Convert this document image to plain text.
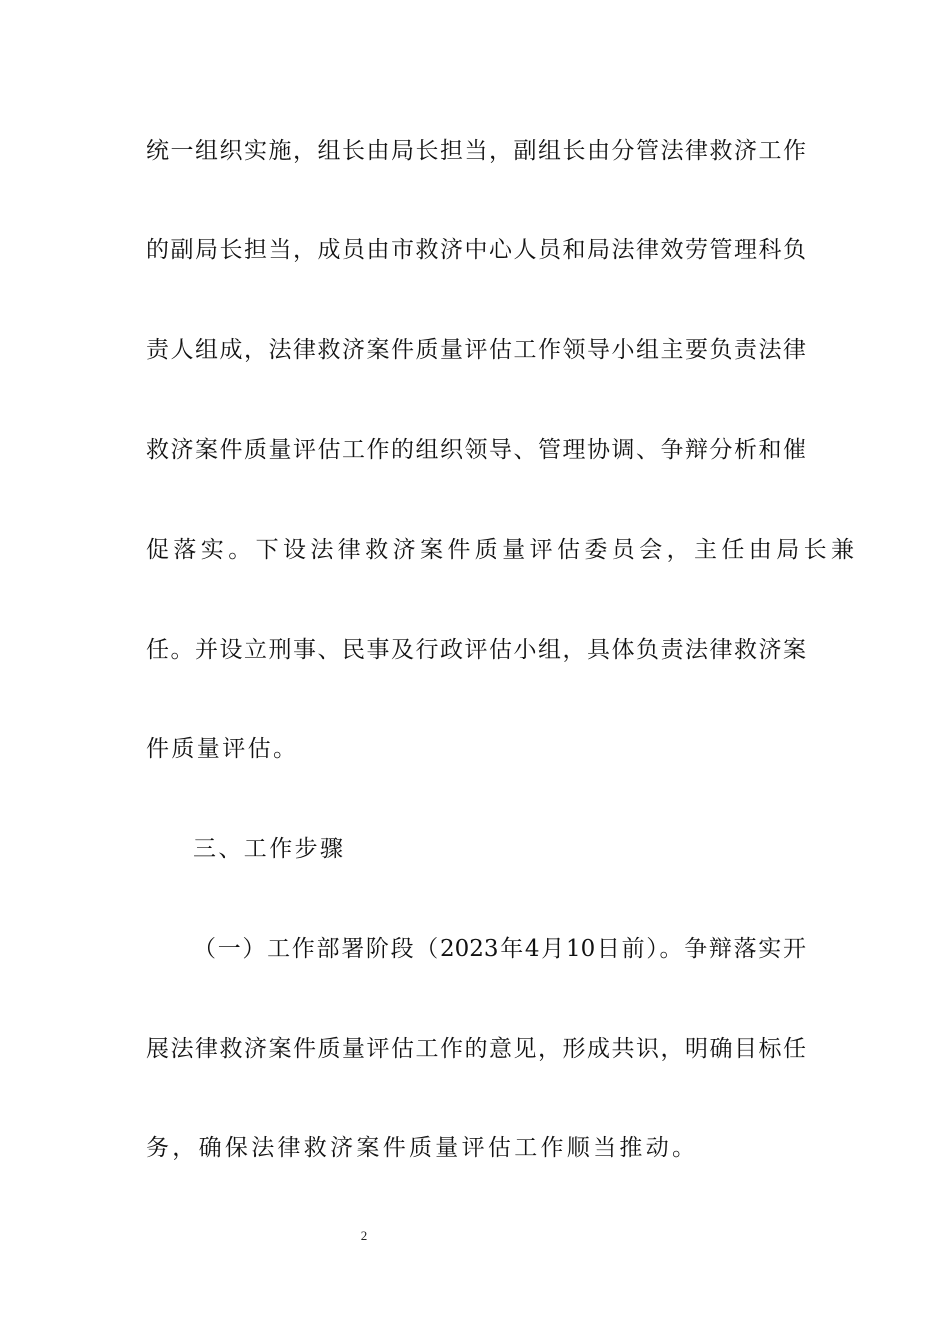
统一组织实施，组长由局长担当，副组长由分管法律救济工作
的副局长担当，成员由市救济中心人员和局法律效劳管理科负
责人组成，法律救济案件质量评估工作领导小组主要负责法律
救济案件质量评估工作的组织领导、管理协调、争辩分析和催
促落实。下设法律救济案件质量评估委员会，主任由局长兼
任。并设立刑事、民事及行政评估小组，具体负责法律救济案
件质量评估。
三、工作步骤
（一）工作部署阶段（2023年4月10日前）。争辩落实开
展法律救济案件质量评估工作的意见，形成共识，明确目标任
务，确保法律救济案件质量评估工作顺当推动。
2
